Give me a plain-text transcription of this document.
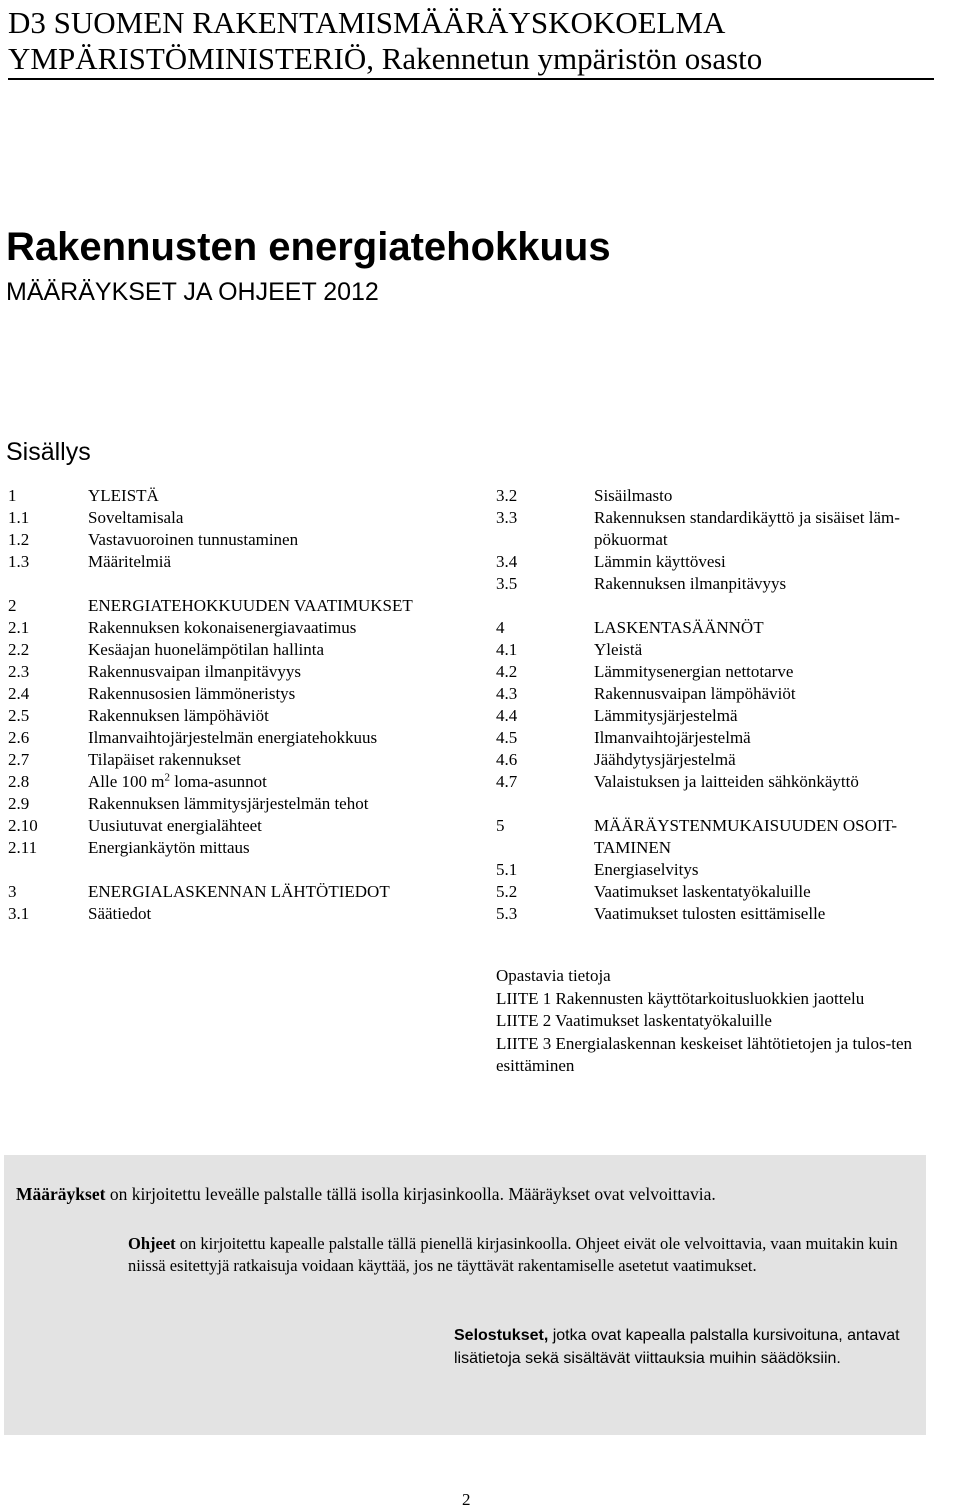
D3 SUOMEN RAKENTAMISMÄÄRÄYSKOKOELMA
YMPÄRISTÖMINISTERIÖ, Rakennetun ympäristön osasto
Rakennusten energiatehokkuus
MÄÄRÄYKSET JA OHJEET 2012
Sisällys
1	YLEISTÄ
1.1	Soveltamisala
1.2	Vastavuoroinen tunnustaminen
1.3	Määritelmiä
2	ENERGIATEHOKKUUDEN VAATIMUKSET
2.1	Rakennuksen kokonaisenergiavaatimus
2.2	Kesäajan huonelämpötilan hallinta
2.3	Rakennusvaipan ilmanpitävyys
2.4	Rakennusosien lämmöneristys
2.5	Rakennuksen lämpöhäviöt
2.6	Ilmanvaihtojärjestelmän energiatehokkuus
2.7	Tilapäiset rakennukset
2.8	Alle 100 $m^2$ loma-asunnot
2.9	Rakennuksen lämmitysjärjestelmän tehot
2.10	Uusiutuvat energialähteet
2.11	Energiankäytön mittaus
3	ENERGIALASKENNAN LÄHTÖTIEDOT
3.1	Säätiedot
3.2	Sisäilmasto
3.3	Rakennuksen standardikäyttö ja sisäiset läm-pökuormat
3.4	Lämmin käyttövesi
3.5	Rakennuksen ilmanpitävyys
4	LASKENTASÄÄNNÖT
4.1	Yleistä
4.2	Lämmitysenergian nettotarve
4.3	Rakennusvaipan lämpöhäviöt
4.4	Lämmitysjärjestelmä
4.5	Ilmanvaihtojärjestelmä
4.6	Jäähdytysjärjestelmä
4.7	Valaistuksen ja laitteiden sähkönkäyttö
5	MÄÄRÄYSTENMUKAISUUDEN OSOIT-TAMINEN
5.1	Energiaselvitys
5.2	Vaatimukset laskentatyökaluille
5.3	Vaatimukset tulosten esittämiselle
Opastavia tietoja
LIITE 1 Rakennusten käyttötarkoitusluokkien jaottelu
LIITE 2 Vaatimukset laskentatyökaluille
LIITE 3 Energialaskennan keskeiset lähtötietojen ja tulos-ten esittäminen
Määräykset on kirjoitettu leveälle palstalle tällä isolla kirjasinkoolla. Määräykset ovat velvoittavia.
Ohjeet on kirjoitettu kapealle palstalle tällä pienellä kirjasinkoolla. Ohjeet eivät ole velvoittavia, vaan muitakin kuin niissä esitettyjä ratkaisuja voidaan käyttää, jos ne täyttävät rakentamiselle asetetut vaatimukset.
Selostukset, jotka ovat kapealla palstalla kursivoituna, antavat lisätietoja sekä sisältävät viittauksia muihin säädöksiin.
2
